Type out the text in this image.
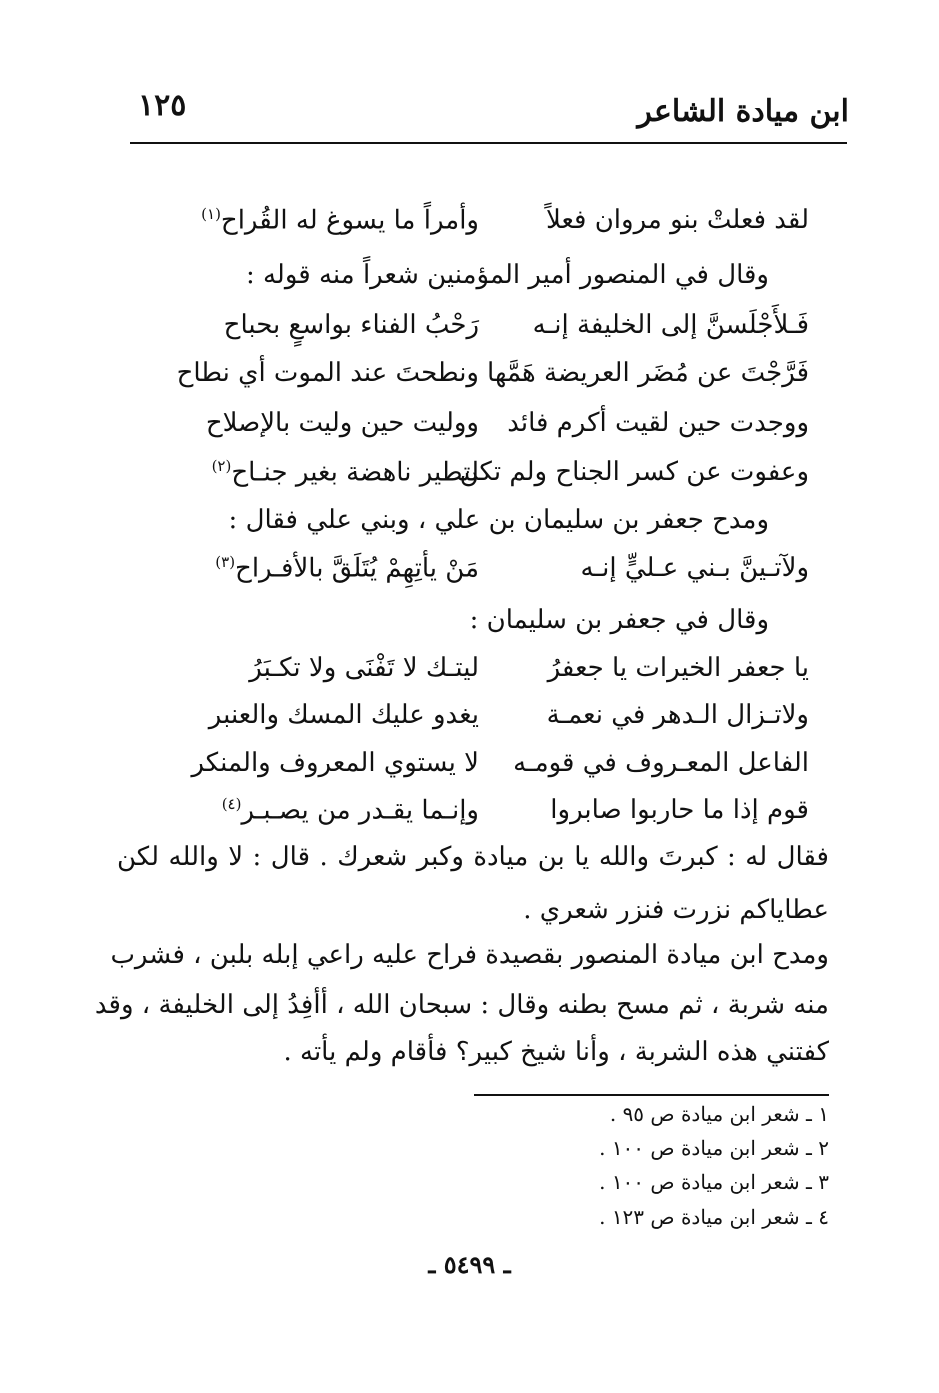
ابن ميادة الشاعر
١٢٥
لقد فعلتْ بنو مروان فعلاً
وأمراً ما يسوغ له القُراح$^{(١)}$
وقال في المنصور أمير المؤمنين شعراً منه قوله :
فَـلأَجْلَسنَّ إلى الخليفة إنـه
رَحْبُ الفناء بواسعٍ بحباح
فَرَّجْتَ عن مُضَر العريضة هَمَّها
ونطحتَ عند الموت أي نطاح
ووجدت حين لقيت أكرم فائد
ووليت حين وليت بالإصلاح
وعفوت عن كسر الجناح ولم تكن
لتطير ناهضة بغير جنـاح$^{(٢)}$
ومدح جعفر بن سليمان بن علي ، وبني علي فقال :
ولآتـينَّ بـني عـليٍّ إنـه
مَنْ يأتِهِمْ يُتَلَقَّ بالأفـراح$^{(٣)}$
وقال في جعفر بن سليمان :
يا جعفر الخيرات يا جعفرُ
ليتـك لا تَفْنَى ولا تكـبَرُ
ولاتـزال الـدهر في نعمـة
يغدو عليك المسك والعنبر
الفاعل المعـروف في قومـه
لا يستوي المعروف والمنكر
قوم إذا ما حاربوا صابروا
وإنـما يقـدر من يصـبـر$^{(٤)}$
فقال له : كبرتَ والله يا بن ميادة وكبر شعرك . قال : لا والله لكن
عطاياكم نزرت فنزر شعري .
ومدح ابن ميادة المنصور بقصيدة فراح عليه راعي إبله بلبن ، فشرب
منه شربة ، ثم مسح بطنه وقال : سبحان الله ، أأفِدُ إلى الخليفة ، وقد
كفتني هذه الشربة ، وأنا شيخ كبير؟ فأقام ولم يأته .
١ ـ شعر ابن ميادة ص ٩٥ .
٢ ـ شعر ابن ميادة ص ١٠٠ .
٣ ـ شعر ابن ميادة ص ١٠٠ .
٤ ـ شعر ابن ميادة ص ١٢٣ .
ـ ٥٤٩٩ ـ
